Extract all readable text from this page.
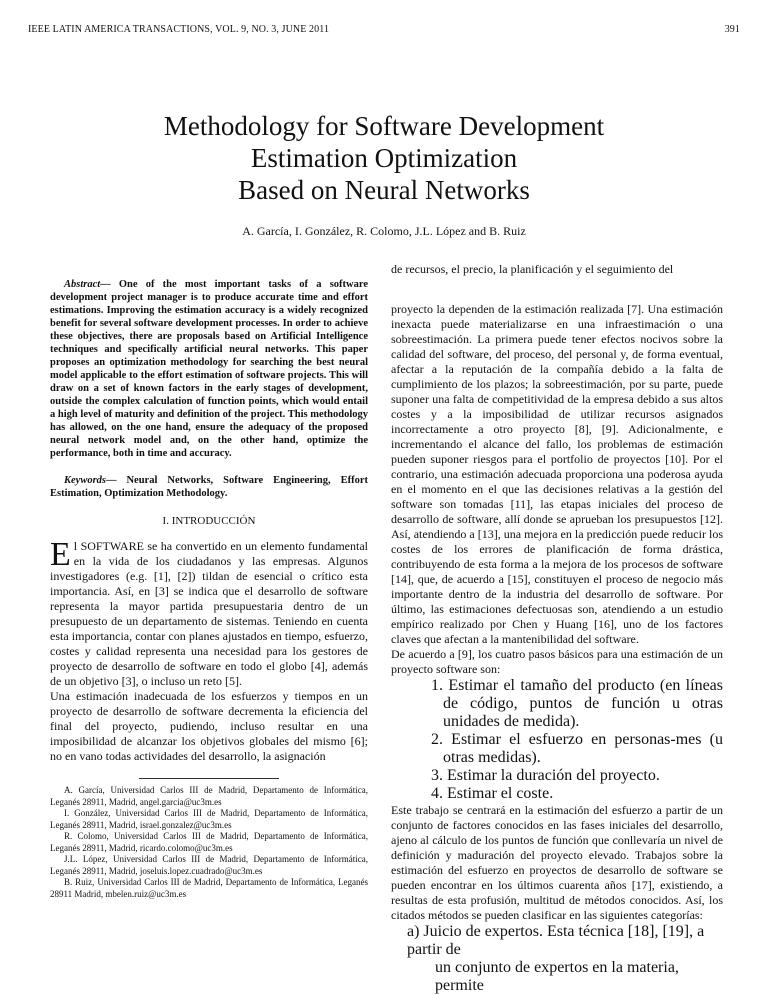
IEEE LATIN AMERICA TRANSACTIONS, VOL. 9, NO. 3, JUNE 2011	391
Methodology for Software Development
Estimation Optimization
Based on Neural Networks
A. García, I. González, R. Colomo, J.L. López and B. Ruiz

Abstract— One of the most important tasks of a software development project manager is to produce accurate time and effort estimations. Improving the estimation accuracy is a widely recognized benefit for several software development processes. In order to achieve these objectives, there are proposals based on Artificial Intelligence techniques and specifically artificial neural networks. This paper proposes an optimization methodology for searching the best neural model applicable to the effort estimation of software projects. This will draw on a set of known factors in the early stages of development, outside the complex calculation of function points, which would entail a high level of maturity and definition of the project. This methodology has allowed, on the one hand, ensure the adequacy of the proposed neural network model and, on the other hand, optimize the performance, both in time and accuracy.

Keywords— Neural Networks, Software Engineering, Effort Estimation, Optimization Methodology.

I. INTRODUCCIÓN

El SOFTWARE se ha convertido en un elemento fundamental en la vida de los ciudadanos y las empresas. Algunos investigadores (e.g. [1], [2]) tildan de esencial o crítico esta importancia. Así, en [3] se indica que el desarrollo de software representa la mayor partida presupuestaria dentro de un presupuesto de un departamento de sistemas. Teniendo en cuenta esta importancia, contar con planes ajustados en tiempo, esfuerzo, costes y calidad representa una necesidad para los gestores de proyecto de desarrollo de software en todo el globo [4], además de un objetivo [3], o incluso un reto [5].

Una estimación inadecuada de los esfuerzos y tiempos en un proyecto de desarrollo de software decrementa la eficiencia del final del proyecto, pudiendo, incluso resultar en una imposibilidad de alcanzar los objetivos globales del mismo [6]; no en vano todas actividades del desarrollo, la asignación

A. García, Universidad Carlos III de Madrid, Departamento de Informática, Leganés 28911, Madrid, angel.garcia@uc3m.es

I. González, Universidad Carlos III de Madrid, Departamento de Informática, Leganés 28911, Madrid, israel.gonzalez@uc3m.es

R. Colomo, Universidad Carlos III de Madrid, Departamento de Informática, Leganés 28911, Madrid, ricardo.colomo@uc3m.es

J.L. López, Universidad Carlos III de Madrid, Departamento de Informática, Leganés 28911, Madrid, joseluis.lopez.cuadrado@uc3m.es

B. Ruiz, Universidad Carlos III de Madrid, Departamento de Informática, Leganés 28911 Madrid, mbelen.ruiz@uc3m.es

de recursos, el precio, la planificación y el seguimiento del

proyecto la dependen de la estimación realizada [7]. Una estimación inexacta puede materializarse en una infraestimación o una sobreestimación. La primera puede tener efectos nocivos sobre la calidad del software, del proceso, del personal y, de forma eventual, afectar a la reputación de la compañía debido a la falta de cumplimiento de los plazos; la sobreestimación, por su parte, puede suponer una falta de competitividad de la empresa debido a sus altos costes y a la imposibilidad de utilizar recursos asignados incorrectamente a otro proyecto [8], [9]. Adicionalmente, e incrementando el alcance del fallo, los problemas de estimación pueden suponer riesgos para el portfolio de proyectos [10]. Por el contrario, una estimación adecuada proporciona una poderosa ayuda en el momento en el que las decisiones relativas a la gestión del software son tomadas [11], las etapas iniciales del proceso de desarrollo de software, allí donde se aprueban los presupuestos [12]. Así, atendiendo a [13], una mejora en la predicción puede reducir los costes de los errores de planificación de forma drástica, contribuyendo de esta forma a la mejora de los procesos de software [14], que, de acuerdo a [15], constituyen el proceso de negocio más importante dentro de la industria del desarrollo de software. Por último, las estimaciones defectuosas son, atendiendo a un estudio empírico realizado por Chen y Huang [16], uno de los factores claves que afectan a la mantenibilidad del software.

De acuerdo a [9], los cuatro pasos básicos para una estimación de un proyecto software son:

1. Estimar el tamaño del producto (en líneas de código, puntos de función u otras unidades de medida).
2. Estimar el esfuerzo en personas-mes (u otras medidas).
3. Estimar la duración del proyecto.
4. Estimar el coste.

Este trabajo se centrará en la estimación del esfuerzo a partir de un conjunto de factores conocidos en las fases iniciales del desarrollo, ajeno al cálculo de los puntos de función que conllevaría un nivel de definición y maduración del proyecto elevado. Trabajos sobre la estimación del esfuerzo en proyectos de desarrollo de software se pueden encontrar en los últimos cuarenta años [17], existiendo, a resultas de esta profusión, multitud de métodos conocidos. Así, los citados métodos se pueden clasificar en las siguientes categorías:

a) Juicio de expertos. Esta técnica [18], [19], a partir de
un conjunto de expertos en la materia, permite
